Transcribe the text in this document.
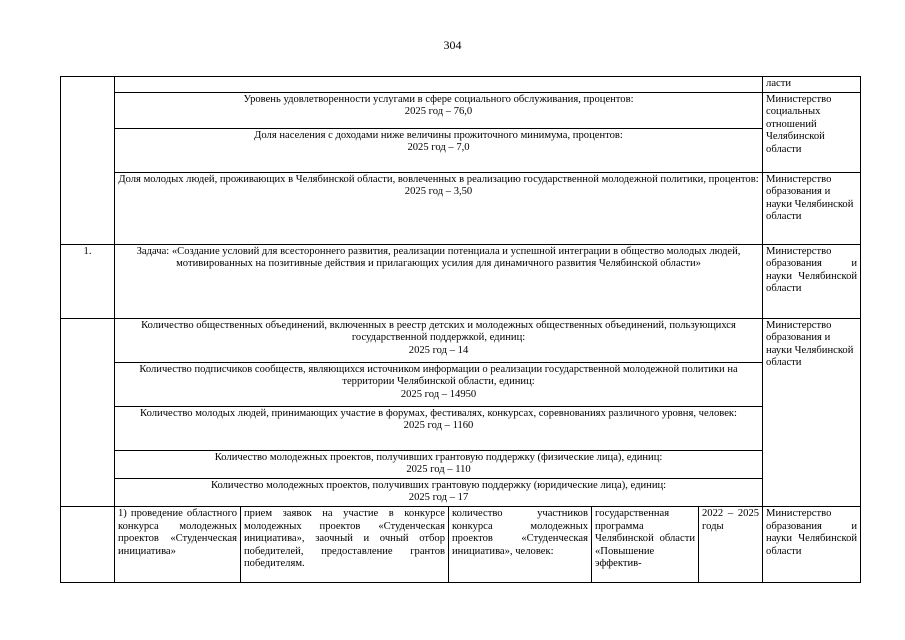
304
						ласти

	Уровень удовлетворенности услугами в сфере социального обслуживания, процентов:
2025 год – 76,0					Министерство социальных отношений Челябинской области

	Доля населения с доходами ниже величины прожиточного минимума, процентов:
2025 год – 7,0					

	Доля молодых людей, проживающих в Челябинской области, вовлеченных в реализацию государственной молодежной политики, процентов:
2025 год – 3,50					Министерство образования и науки Челябинской области
1.	Задача: «Создание условий для всестороннего развития, реализации потенциала и успешной интеграции в общество молодых людей, мотивированных на позитивные действия и прилагающих усилия для динамичного развития Челябинской области»					Министерство образования и науки Челябинской области

	Количество общественных объединений, включенных в реестр детских и молодежных общественных объединений, пользующихся государственной поддержкой, единиц:
2025 год – 14					Министерство образования и науки Челябинской области

	Количество подписчиков сообществ, являющихся источником информации о реализации государственной молодежной политики на территории Челябинской области, единиц:
2025 год – 14950					

	Количество молодых людей, принимающих участие в форумах, фестивалях, конкурсах, соревнованиях различного уровня, человек:
2025 год – 1160					

	Количество молодежных проектов, получивших грантовую поддержку (физические лица), единиц:
2025 год – 110					

	Количество молодежных проектов, получивших грантовую поддержку (юридические лица), единиц:
2025 год – 17					

	1) проведение областного конкурса молодежных проектов «Студенческая инициатива»	прием заявок на участие в конкурсе молодежных проектов «Студенческая инициатива», заочный и очный отбор победителей, предоставление грантов победителям.	количество участников конкурса молодежных проектов «Студенческая инициатива», человек:	государственная программа Челябинской области «Повышение эффектив-	2022 – 2025 годы	Министерство образования и науки Челябинской области
